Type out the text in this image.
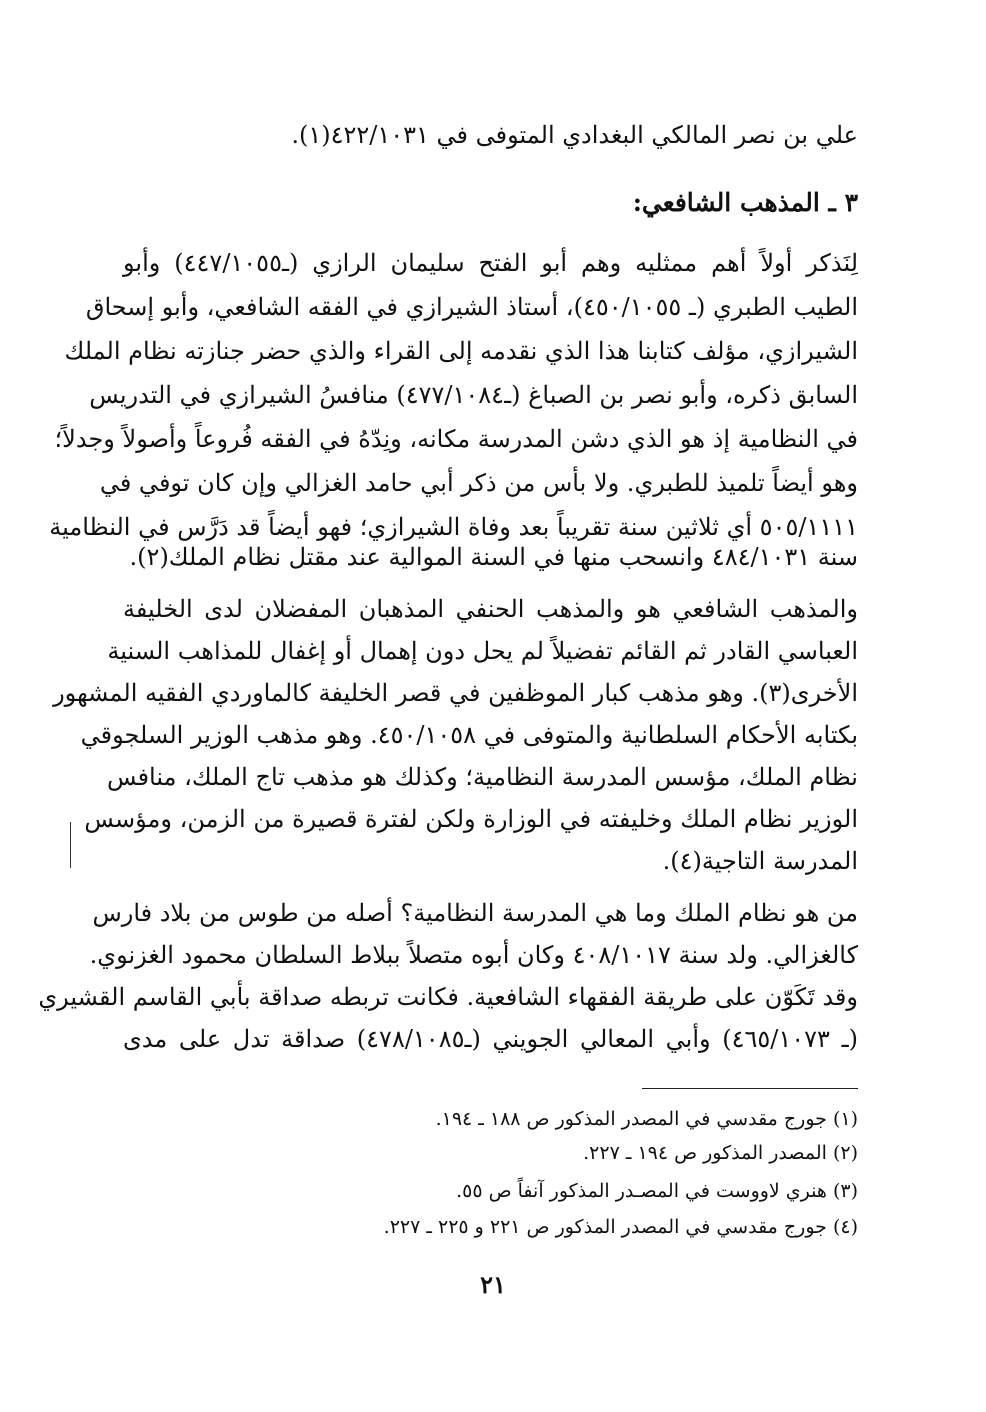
علي بن نصر المالكي البغدادي المتوفى في ٤٢٢/١٠٣١(١).
٣ ـ المذهب الشافعي:
لِنَذكر أولاً أهم ممثليه وهم أبو الفتح سليمان الرازي (ـ٤٤٧/١٠٥٥) وأبو
الطيب الطبري (ـ ٤٥٠/١٠٥٥)، أستاذ الشيرازي في الفقه الشافعي، وأبو إسحاق
الشيرازي، مؤلف كتابنا هذا الذي نقدمه إلى القراء والذي حضر جنازته نظام الملك
السابق ذكره، وأبو نصر بن الصباغ (ـ٤٧٧/١٠٨٤) منافسُ الشيرازي في التدريس
في النظامية إذ هو الذي دشن المدرسة مكانه، ونِدّهُ في الفقه فُروعاً وأصولاً وجدلاً؛
وهو أيضاً تلميذ للطبري. ولا بأس من ذكر أبي حامد الغزالي وإن كان توفي في
٥٠٥/١١١١ أي ثلاثين سنة تقريباً بعد وفاة الشيرازي؛ فهو أيضاً قد دَرَّس في النظامية
سنة ٤٨٤/١٠٣١ وانسحب منها في السنة الموالية عند مقتل نظام الملك(٢).
والمذهب الشافعي هو والمذهب الحنفي المذهبان المفضلان لدى الخليفة
العباسي القادر ثم القائم تفضيلاً لم يحل دون إهمال أو إغفال للمذاهب السنية
الأخرى(٣). وهو مذهب كبار الموظفين في قصر الخليفة كالماوردي الفقيه المشهور
بكتابه الأحكام السلطانية والمتوفى في ٤٥٠/١٠٥٨. وهو مذهب الوزير السلجوقي
نظام الملك، مؤسس المدرسة النظامية؛ وكذلك هو مذهب تاج الملك، منافس
الوزير نظام الملك وخليفته في الوزارة ولكن لفترة قصيرة من الزمن، ومؤسس
المدرسة التاجية(٤).
من هو نظام الملك وما هي المدرسة النظامية؟ أصله من طوس من بلاد فارس
كالغزالي. ولد سنة ٤٠٨/١٠١٧ وكان أبوه متصلاً ببلاط السلطان محمود الغزنوي.
وقد تَكَوّن على طريقة الفقهاء الشافعية. فكانت تربطه صداقة بأبي القاسم القشيري
(ـ ٤٦٥/١٠٧٣) وأبي المعالي الجويني (ـ٤٧٨/١٠٨٥) صداقة تدل على مدى
(١) جورج مقدسي في المصدر المذكور ص ١٨٨ ـ ١٩٤.
(٢) المصدر المذكور ص ١٩٤ ـ ٢٢٧.
(٣) هنري لاووست في المصـدر المذكور آنفاً ص ٥٥.
(٤) جورج مقدسي في المصدر المذكور ص ٢٢١ و ٢٢٥ ـ ٢٢٧.
٢١
